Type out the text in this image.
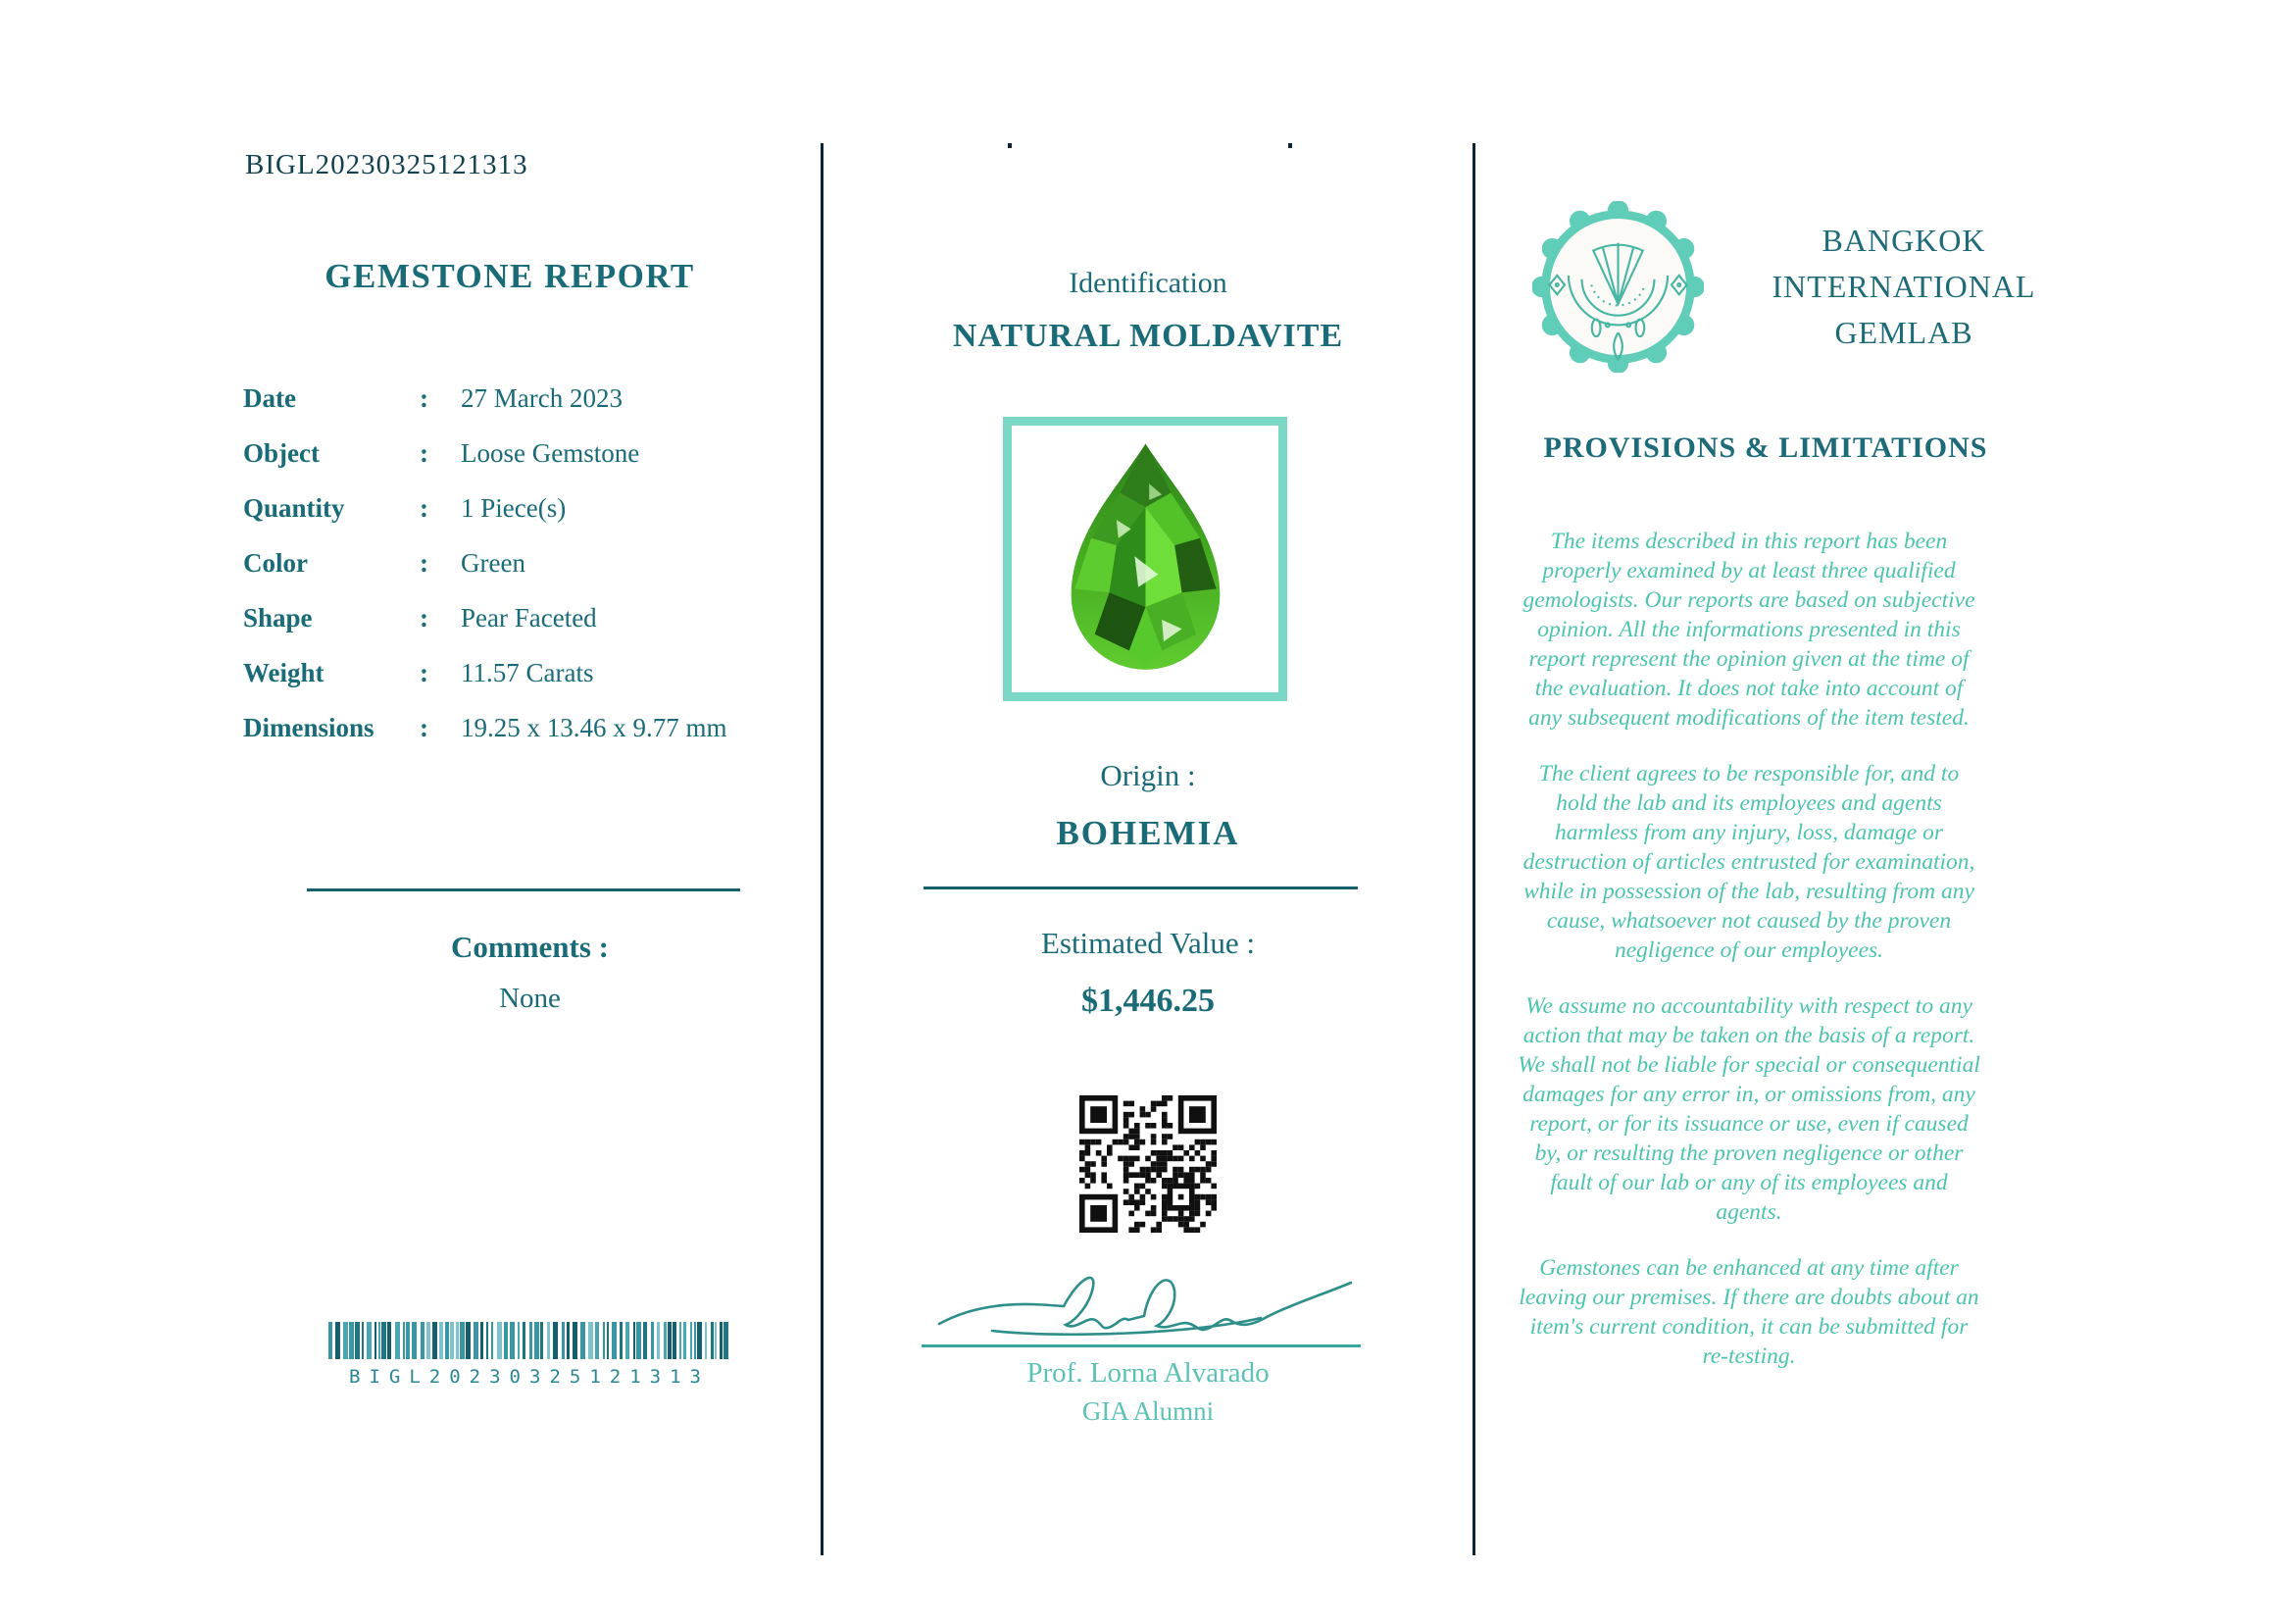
BIGL20230325121313
GEMSTONE REPORT
Date	:	27 March 2023
Object	:	Loose Gemstone
Quantity	:	1 Piece(s)
Color	:	Green
Shape	:	Pear Faceted
Weight	:	11.57 Carats
Dimensions	:	19.25 x 13.46 x 9.77 mm
Comments :
None
BIGL20230325121313
Identification
NATURAL MOLDAVITE
Origin :
BOHEMIA
Estimated Value :
$1,446.25
Prof. Lorna Alvarado
GIA Alumni
BANGKOK
INTERNATIONAL
GEMLAB
PROVISIONS & LIMITATIONS

The items described in this report has been properly examined by at least three qualified gemologists. Our reports are based on subjective opinion. All the informations presented in this report represent the opinion given at the time of the evaluation. It does not take into account of any subsequent modifications of the item tested.

The client agrees to be responsible for, and to hold the lab and its employees and agents harmless from any injury, loss, damage or destruction of articles entrusted for examination, while in possession of the lab, resulting from any cause, whatsoever not caused by the proven negligence of our employees.

We assume no accountability with respect to any action that may be taken on the basis of a report. We shall not be liable for special or consequential damages for any error in, or omissions from, any report, or for its issuance or use, even if caused by, or resulting the proven negligence or other fault of our lab or any of its employees and agents.

Gemstones can be enhanced at any time after leaving our premises. If there are doubts about an item's current condition, it can be submitted for re-testing.
